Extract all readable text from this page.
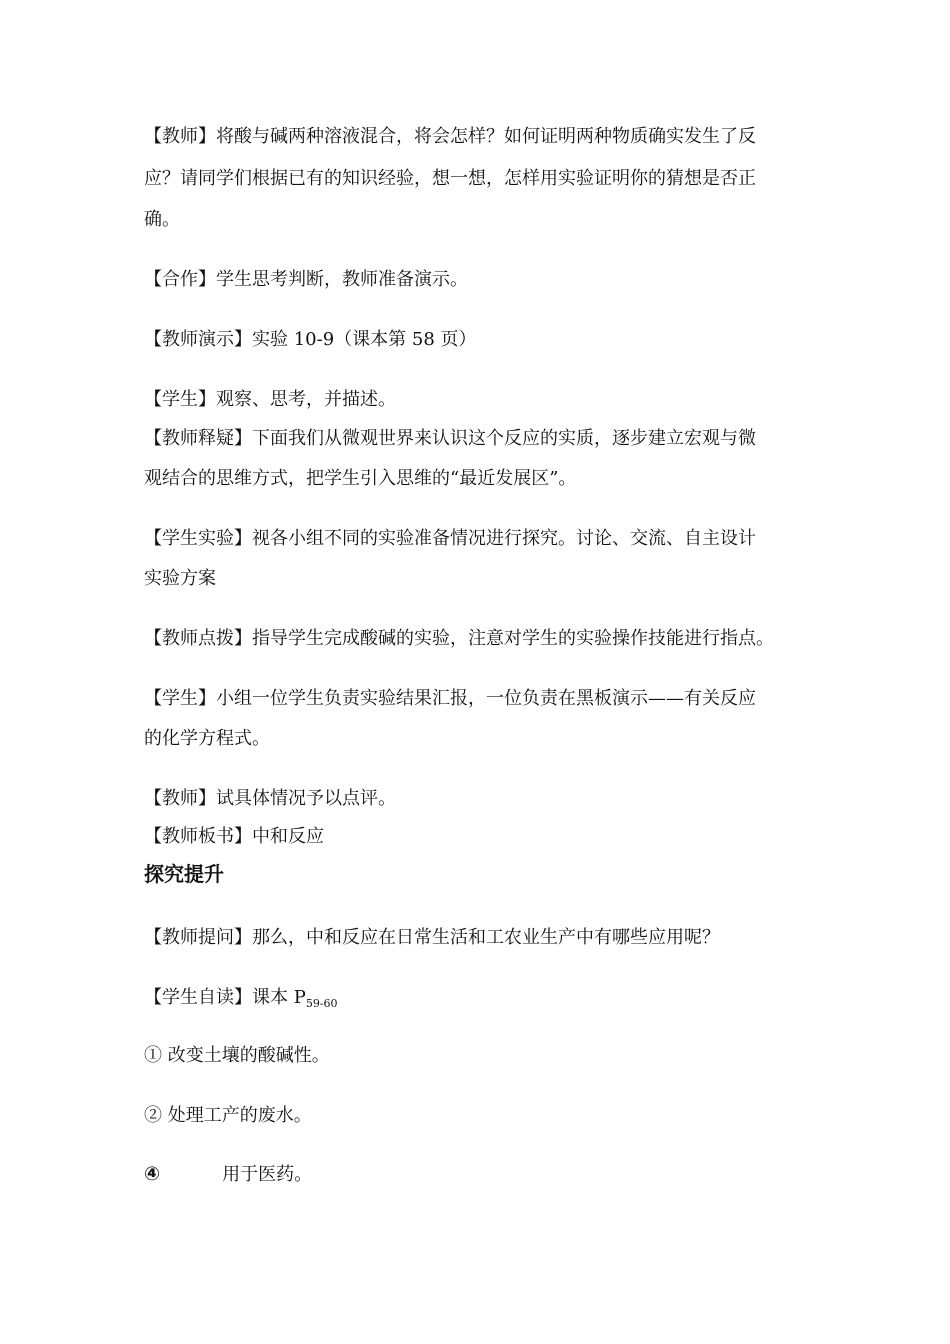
【教师】将酸与碱两种溶液混合，将会怎样？如何证明两种物质确实发生了反
应？请同学们根据已有的知识经验，想一想，怎样用实验证明你的猜想是否正
确。
【合作】学生思考判断，教师准备演示。
【教师演示】实验 10-9（课本第 58 页）
【学生】观察、思考，并描述。
【教师释疑】下面我们从微观世界来认识这个反应的实质，逐步建立宏观与微
观结合的思维方式，把学生引入思维的“最近发展区”。
【学生实验】视各小组不同的实验准备情况进行探究。讨论、交流、自主设计
实验方案
【教师点拨】指导学生完成酸碱的实验，注意对学生的实验操作技能进行指点。
【学生】小组一位学生负责实验结果汇报，一位负责在黑板演示——有关反应
的化学方程式。
【教师】试具体情况予以点评。
【教师板书】中和反应
探究提升
【教师提问】那么，中和反应在日常生活和工农业生产中有哪些应用呢？
【学生自读】课本 $P_{59-60}$
① 改变土壤的酸碱性。
② 处理工产的废水。
④	用于医药。
